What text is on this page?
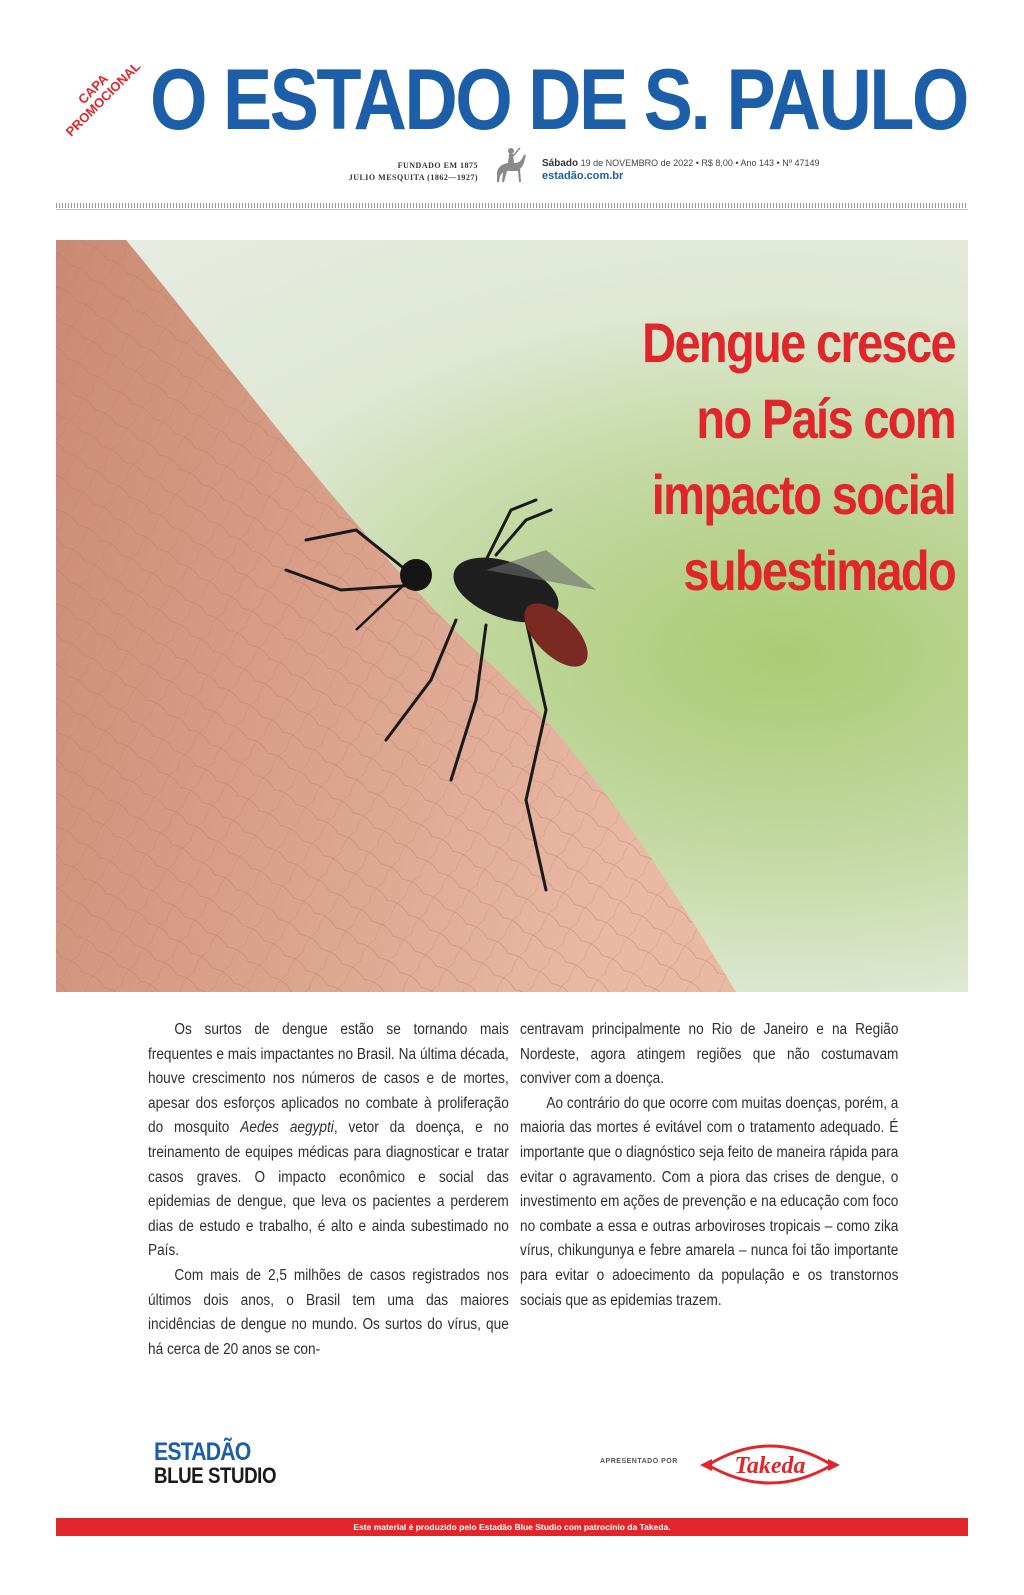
O ESTADO DE S. PAULO
CAPA PROMOCIONAL
FUNDADO EM 1875
JULIO MESQUITA (1862—1927)
Sábado 19 de NOVEMBRO de 2022 • R$ 8,00 • Ano 143 • Nº 47149
estadão.com.br
Dengue cresce no País com impacto social subestimado

Os surtos de dengue estão se tornando mais frequentes e mais impactantes no Brasil. Na última década, houve crescimento nos números de casos e de mortes, apesar dos esforços aplicados no combate à proliferação do mosquito Aedes aegypti, vetor da doença, e no treinamento de equipes médicas para diagnosticar e tratar casos graves. O impacto econômico e social das epidemias de dengue, que leva os pacientes a perderem dias de estudo e trabalho, é alto e ainda subestimado no País.

Com mais de 2,5 milhões de casos registrados nos últimos dois anos, o Brasil tem uma das maiores incidências de dengue no mundo. Os surtos do vírus, que há cerca de 20 anos se con-

centravam principalmente no Rio de Janeiro e na Região Nordeste, agora atingem regiões que não costumavam conviver com a doença.

Ao contrário do que ocorre com muitas doenças, porém, a maioria das mortes é evitável com o tratamento adequado. É importante que o diagnóstico seja feito de maneira rápida para evitar o agravamento. Com a piora das crises de dengue, o investimento em ações de prevenção e na educação com foco no combate a essa e outras arboviroses tropicais – como zika vírus, chikungunya e febre amarela – nunca foi tão importante para evitar o adoecimento da população e os transtornos sociais que as epidemias trazem.

ESTADÃO
BLUE STUDIO
APRESENTADO POR Takeda
Este material é produzido pelo Estadão Blue Studio com patrocínio da Takeda.
